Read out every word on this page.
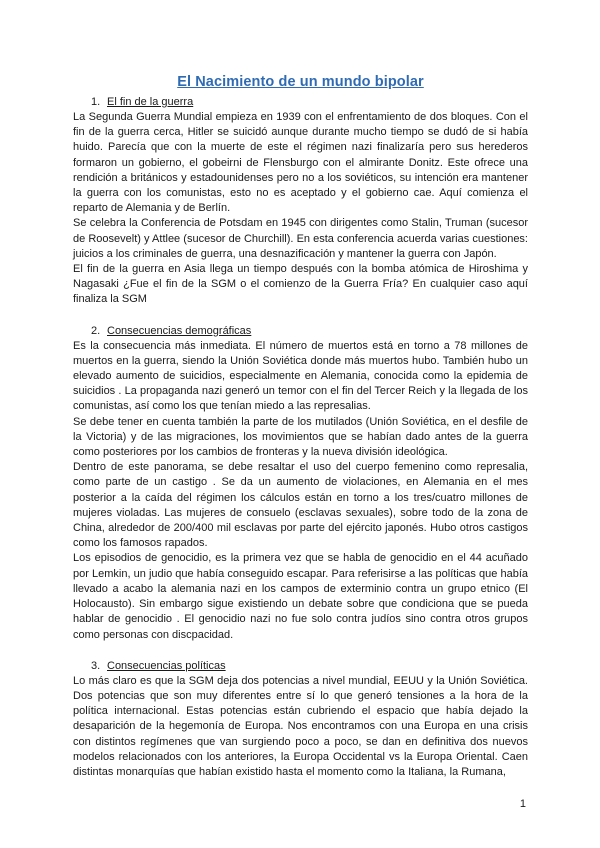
El Nacimiento de un mundo bipolar

1. El fin de la guerra

La Segunda Guerra Mundial empieza en 1939 con el enfrentamiento de dos bloques. Con el fin de la guerra cerca, Hitler se suicidó aunque durante mucho tiempo se dudó de si había huido. Parecía que con la muerte de este el régimen nazi finalizaría pero sus herederos formaron un gobierno, el gobeirni de Flensburgo con el almirante Donitz. Este ofrece una rendición a británicos y estadounidenses pero no a los soviéticos, su intención era mantener la guerra con los comunistas, esto no es aceptado y el gobierno cae. Aquí comienza el reparto de Alemania y de Berlín.

Se celebra la Conferencia de Potsdam en 1945 con dirigentes como Stalin, Truman (sucesor de Roosevelt) y Attlee (sucesor de Churchill). En esta conferencia acuerda varias cuestiones: juicios a los criminales de guerra, una desnazificación y mantener la guerra con Japón.

El fin de la guerra en Asia llega un tiempo después con la bomba atómica de Hiroshima y Nagasaki ¿Fue el fin de la SGM o el comienzo de la Guerra Fría? En cualquier caso aquí finaliza la SGM

2. Consecuencias demográficas

Es la consecuencia más inmediata. El número de muertos está en torno a 78 millones de muertos en la guerra, siendo la Unión Soviética donde más muertos hubo. También hubo un elevado aumento de suicidios, especialmente en Alemania, conocida como la epidemia de suicidios . La propaganda nazi generó un temor con el fin del Tercer Reich y la llegada de los comunistas, así como los que tenían miedo a las represalias.

Se debe tener en cuenta también la parte de los mutilados (Unión Soviética, en el desfile de la Victoria) y de las migraciones, los movimientos que se habían dado antes de la guerra como posteriores por los cambios de fronteras y la nueva división ideológica.

Dentro de este panorama, se debe resaltar el uso del cuerpo femenino como represalia, como parte de un castigo . Se da un aumento de violaciones, en Alemania en el mes posterior a la caída del régimen los cálculos están en torno a los tres/cuatro millones de mujeres violadas. Las mujeres de consuelo (esclavas sexuales), sobre todo de la zona de China, alrededor de 200/400 mil esclavas por parte del ejército japonés. Hubo otros castigos como los famosos rapados.

Los episodios de genocidio, es la primera vez que se habla de genocidio en el 44 acuñado por Lemkin, un judio que había conseguido escapar. Para referisirse a las políticas que había llevado a acabo la alemania nazi en los campos de exterminio contra un grupo etnico (El Holocausto). Sin embargo sigue existiendo un debate sobre que condiciona que se pueda hablar de genocidio . El genocidio nazi no fue solo contra judíos sino contra otros grupos como personas con discpacidad.

3. Consecuencias políticas

Lo más claro es que la SGM deja dos potencias a nivel mundial, EEUU y la Unión Soviética. Dos potencias que son muy diferentes entre sí lo que generó tensiones a la hora de la política internacional. Estas potencias están cubriendo el espacio que había dejado la desaparición de la hegemonía de Europa. Nos encontramos con una Europa en una crisis con distintos regímenes que van surgiendo poco a poco, se dan en definitiva dos nuevos modelos relacionados con los anteriores, la Europa Occidental vs la Europa Oriental. Caen distintas monarquías que habían existido hasta el momento como la Italiana, la Rumana,

1
